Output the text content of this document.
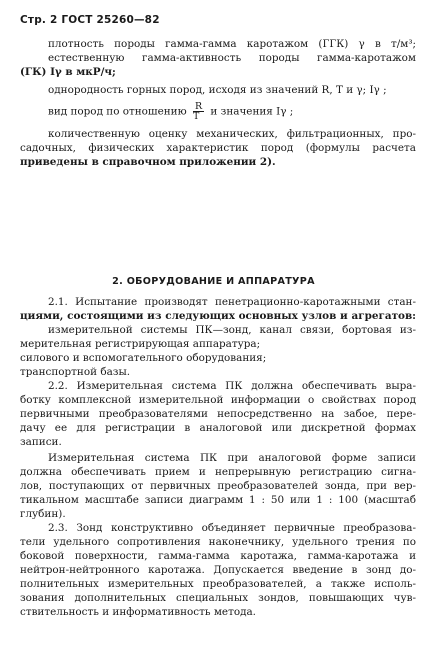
Стр. 2 ГОСТ 25260—82
плотность породы гамма-гамма каротажом (ГГК) γ в т/м³;
естественную гамма-активность породы гамма-каротажом
(ГК) Iγ в мкР/ч;
однородность горных пород, исходя из значений R, T и γ; Iγ ;
вид пород по отношению $\frac{R}{T}$ и значения Iγ ;
количественную оценку механических, фильтрационных, про-
садочных, физических характеристик пород (формулы расчета
приведены в справочном приложении 2).
2. ОБОРУДОВАНИЕ И АППАРАТУРА
2.1. Испытание производят пенетрационно-каротажными стан-
циями, состоящими из следующих основных узлов и агрегатов:
измерительной системы ПК—зонд, канал связи, бортовая из-
мерительная регистрирующая аппаратура;
силового и вспомогательного оборудования;
транспортной базы.
2.2. Измерительная система ПК должна обеспечивать выра-
ботку комплексной измерительной информации о свойствах пород
первичными преобразователями непосредственно на забое, пере-
дачу ее для регистрации в аналоговой или дискретной формах
записи.
Измерительная система ПК при аналоговой форме записи
должна обеспечивать прием и непрерывную регистрацию сигна-
лов, поступающих от первичных преобразователей зонда, при вер-
тикальном масштабе записи диаграмм 1 : 50 или 1 : 100 (масштаб
глубин).
2.3. Зонд конструктивно объединяет первичные преобразова-
тели удельного сопротивления наконечнику, удельного трения по
боковой поверхности, гамма-гамма каротажа, гамма-каротажа и
нейтрон-нейтронного каротажа. Допускается введение в зонд до-
полнительных измерительных преобразователей, а также исполь-
зования дополнительных специальных зондов, повышающих чув-
ствительность и информативность метода.
